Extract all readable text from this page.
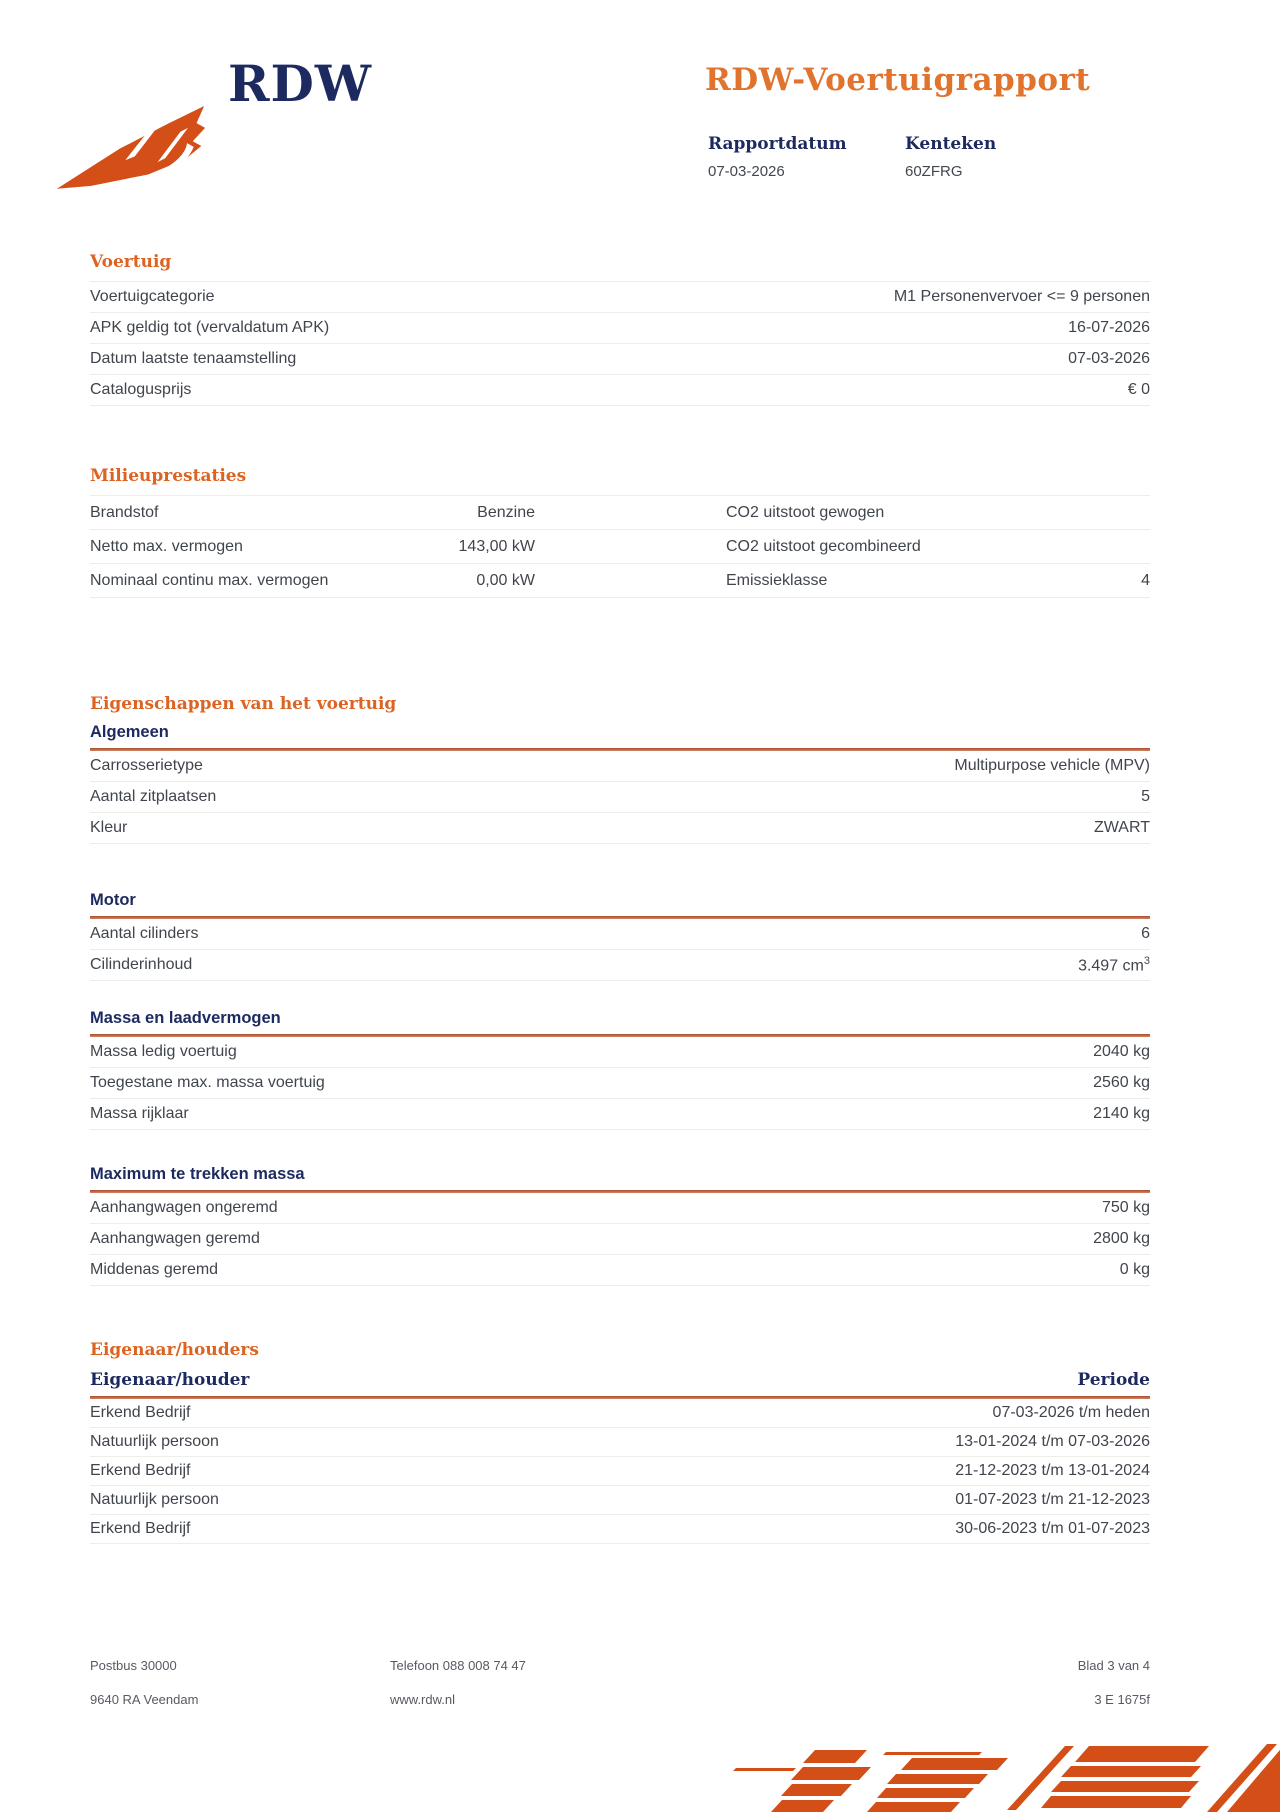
RDW	RDW-Voertuigrapport
Rapportdatum
07-03-2026
Kenteken
60ZFRG
Voertuig
Voertuigcategorie	M1 Personenvervoer <= 9 personen
APK geldig tot (vervaldatum APK)	16-07-2026
Datum laatste tenaamstelling	07-03-2026
Catalogusprijs	€ 0
Milieuprestaties
Brandstof	Benzine	CO2 uitstoot gewogen
Netto max. vermogen	143,00 kW	CO2 uitstoot gecombineerd
Nominaal continu max. vermogen	0,00 kW	Emissieklasse	4
Eigenschappen van het voertuig
Algemeen
Carrosserietype	Multipurpose vehicle (MPV)
Aantal zitplaatsen	5
Kleur	ZWART
Motor
Aantal cilinders	6
Cilinderinhoud	3.497 $cm^3$
Massa en laadvermogen
Massa ledig voertuig	2040 kg
Toegestane max. massa voertuig	2560 kg
Massa rijklaar	2140 kg
Maximum te trekken massa
Aanhangwagen ongeremd	750 kg
Aanhangwagen geremd	2800 kg
Middenas geremd	0 kg
Eigenaar/houders
Eigenaar/houder	Periode
Erkend Bedrijf	07-03-2026 t/m heden
Natuurlijk persoon	13-01-2024 t/m 07-03-2026
Erkend Bedrijf	21-12-2023 t/m 13-01-2024
Natuurlijk persoon	01-07-2023 t/m 21-12-2023
Erkend Bedrijf	30-06-2023 t/m 01-07-2023
Postbus 30000	Telefoon 088 008 74 47	Blad 3 van 4
9640 RA Veendam	www.rdw.nl	3 E 1675f
